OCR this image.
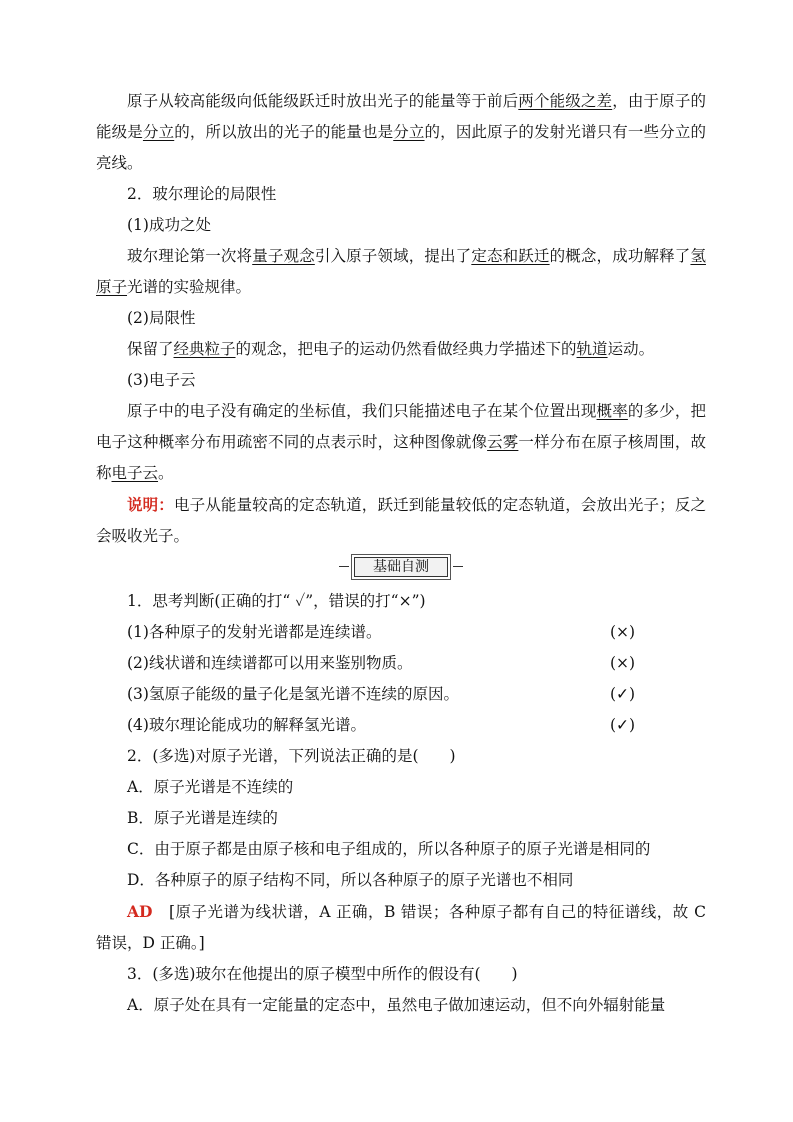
原子从较高能级向低能级跃迁时放出光子的能量等于前后两个能级之差，由于原子的能级是分立的，所以放出的光子的能量也是分立的，因此原子的发射光谱只有一些分立的亮线。

2．玻尔理论的局限性

(1)成功之处

玻尔理论第一次将量子观念引入原子领域，提出了定态和跃迁的概念，成功解释了氢原子光谱的实验规律。

(2)局限性

保留了经典粒子的观念，把电子的运动仍然看做经典力学描述下的轨道运动。

(3)电子云

原子中的电子没有确定的坐标值，我们只能描述电子在某个位置出现概率的多少，把电子这种概率分布用疏密不同的点表示时，这种图像就像云雾一样分布在原子核周围，故称电子云。

说明：电子从能量较高的定态轨道，跃迁到能量较低的定态轨道，会放出光子；反之会吸收光子。

基础自测

1．思考判断(正确的打“ ✓”，错误的打“×”)

(1)各种原子的发射光谱都是连续谱。	(×)
(2)线状谱和连续谱都可以用来鉴别物质。	(×)
(3)氢原子能级的量子化是氢光谱不连续的原因。	(✓)
(4)玻尔理论能成功的解释氢光谱。	(✓)

2．(多选)对原子光谱，下列说法正确的是(　　)

A．原子光谱是不连续的

B．原子光谱是连续的

C．由于原子都是由原子核和电子组成的，所以各种原子的原子光谱是相同的

D．各种原子的原子结构不同，所以各种原子的原子光谱也不相同

AD　[原子光谱为线状谱，A 正确，B 错误；各种原子都有自己的特征谱线，故 C 错误，D 正确。]

3．(多选)玻尔在他提出的原子模型中所作的假设有(　　)

A．原子处在具有一定能量的定态中，虽然电子做加速运动，但不向外辐射能量
